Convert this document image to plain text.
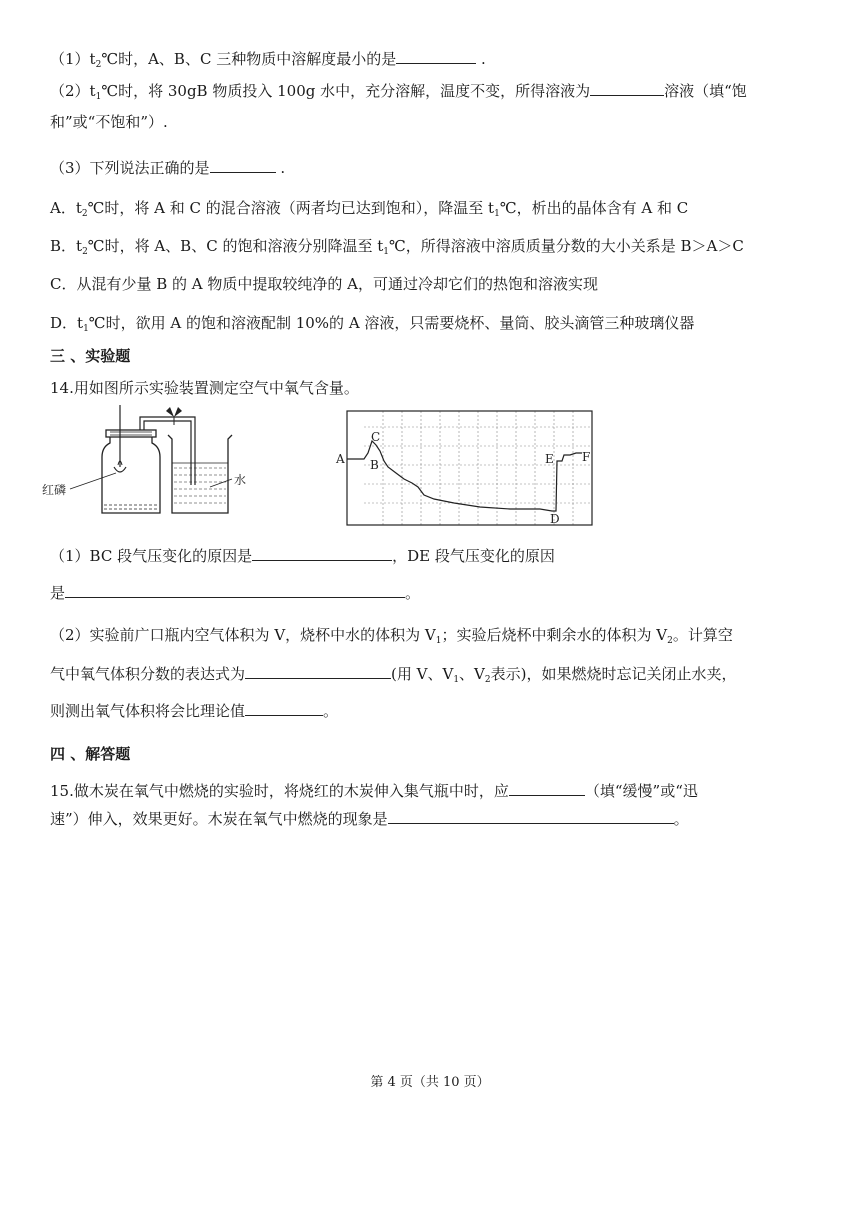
$(1)t_2℃$时，A、B、C 三种物质中溶解度最小的是	.
$(2)t_1℃$时，将 30gB 物质投入 100g 水中，充分溶解，温度不变，所得溶液为	溶液（填“饱
和”或“不饱和”）.
（3）下列说法正确的是	.
A．$t_2℃$时，将 A 和 C 的混合溶液（两者均已达到饱和），降温至 $t_1℃$，析出的晶体含有 A 和 C
B．$t_2℃$时，将 A、B、C 的饱和溶液分别降温至 $t_1℃$，所得溶液中溶质质量分数的大小关系是 B＞A＞C
C．从混有少量 B 的 A 物质中提取较纯净的 A，可通过冷却它们的热饱和溶液实现
D．$t_1℃$时，欲用 A 的饱和溶液配制 10%的 A 溶液，只需要烧杯、量筒、胶头滴管三种玻璃仪器
三 、实验题
14.用如图所示实验装置测定空气中氧气含量。
红磷
水
A B
C
D
E F
（1）BC 段气压变化的原因是	，DE 段气压变化的原因
是	。
（2）实验前广口瓶内空气体积为 V，烧杯中水的体积为 $V_1$；实验后烧杯中剩余水的体积为 $V_2$。计算空
气中氧气体积分数的表达式为	(用 V、$V_1$、$V_2$表示)，如果燃烧时忘记关闭止水夹，
则测出氧气体积将会比理论值	。
四 、解答题
15.做木炭在氧气中燃烧的实验时，将烧红的木炭伸入集气瓶中时，应	（填“缓慢”或“迅
速”）伸入，效果更好。木炭在氧气中燃烧的现象是	。
第 4 页（共 10 页）
